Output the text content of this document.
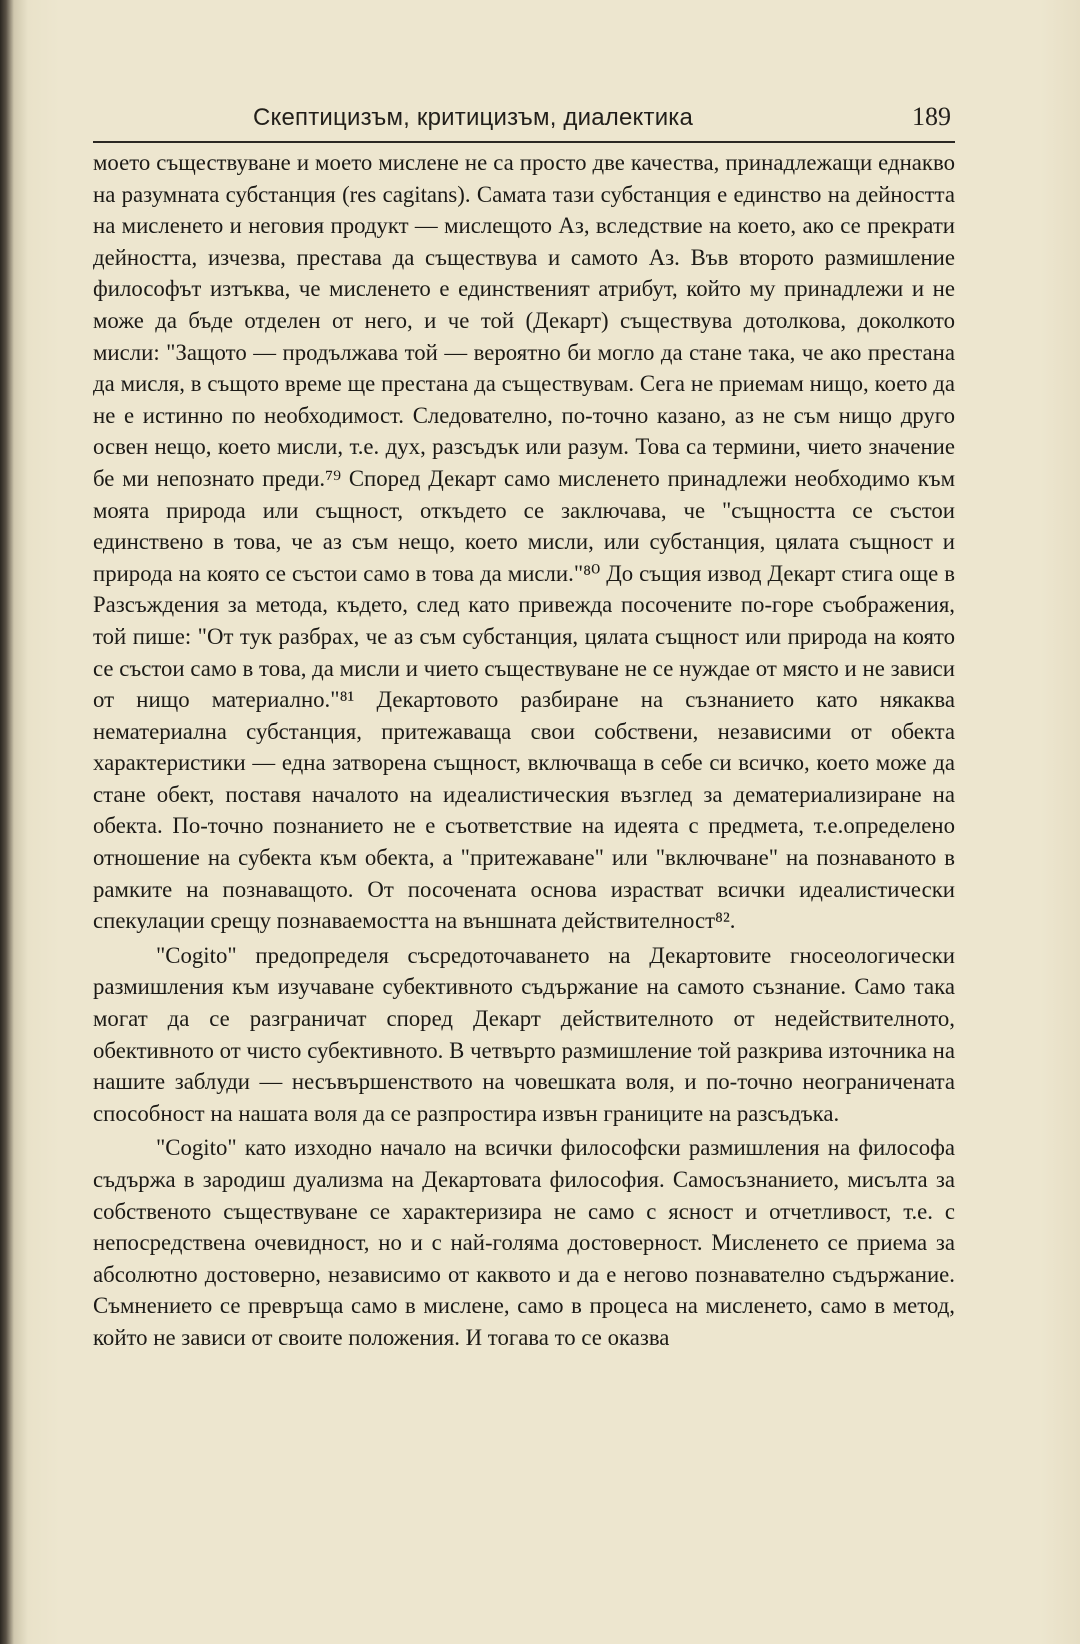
Скептицизъм, критицизъм, диалектика	189

моето съществуване и моето мислене не са просто две качества, принадлежащи еднакво на разумната субстанция (res cagitans). Самата тази субстанция е единство на дейността на мисленето и неговия продукт — мислещото Аз, вследствие на което, ако се прекрати дейността, изчезва, престава да съществува и самото Аз. Във второто размишление философът изтъква, че мисленето е единственият атрибут, който му принадлежи и не може да бъде отделен от него, и че той (Декарт) съществува дотолкова, доколкото мисли: "Защото — продължава той — вероятно би могло да стане така, че ако престана да мисля, в същото време ще престана да съществувам. Сега не приемам нищо, което да не е истинно по необходимост. Следователно, по-точно казано, аз не съм нищо друго освен нещо, което мисли, т.е. дух, разсъдък или разум. Това са термини, чието значение бе ми непознато преди.⁷⁹ Според Декарт само мисленето принадлежи необходимо към моята природа или същност, откъдето се заключава, че "същността се състои единствено в това, че аз съм нещо, което мисли, или субстанция, цялата същност и природа на която се състои само в това да мисли."⁸⁰ До същия извод Декарт стига още в Разсъждения за метода, където, след като привежда посочените по-горе съображения, той пише: "От тук разбрах, че аз съм субстанция, цялата същност или природа на която се състои само в това, да мисли и чието съществуване не се нуждае от място и не зависи от нищо материално."⁸¹ Декартовото разбиране на съзнанието като някаква нематериална субстанция, притежаваща свои собствени, независими от обекта характеристики — една затворена същност, включваща в себе си всичко, което може да стане обект, поставя началото на идеалистическия възглед за дематериализиране на обекта. По-точно познанието не е съответствие на идеята с предмета, т.е.определено отношение на субекта към обекта, а "притежаване" или "включване" на познаваното в рамките на познаващото. От посочената основа израстват всички идеалистически спекулации срещу познаваемостта на външната действителност⁸².

"Cogito" предопределя съсредоточаването на Декартовите гносеологически размишления към изучаване субективното съдържание на самото съзнание. Само така могат да се разграничат според Декарт действителното от недействителното, обективното от чисто субективното. В четвърто размишление той разкрива източника на нашите заблуди — несъвършенството на човешката воля, и по-точно неограничената способност на нашата воля да се разпростира извън границите на разсъдъка.

"Cogito" като изходно начало на всички философски размишления на философа съдържа в зародиш дуализма на Декартовата философия. Самосъзнанието, мисълта за собственото съществуване се характеризира не само с ясност и отчетливост, т.е. с непосредствена очевидност, но и с най-голяма достоверност. Мисленето се приема за абсолютно достоверно, независимо от каквото и да е негово познавателно съдържание. Съмнението се превръща само в мислене, само в процеса на мисленето, само в метод, който не зависи от своите положения. И тогава то се оказва
